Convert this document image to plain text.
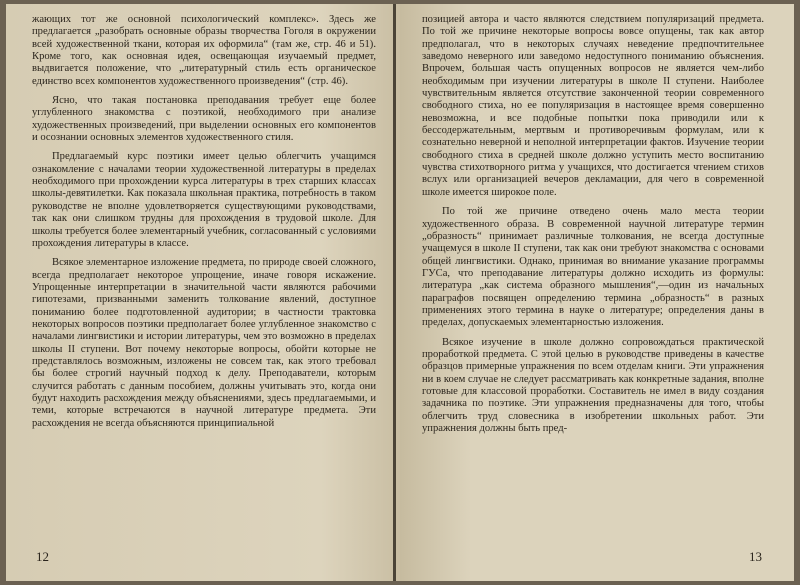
жающих тот же основной психологический комплекс». Здесь же предлагается „разобрать основные образы творчества Гоголя в окружении всей художественной ткани, которая их оформила“ (там же, стр. 46 и 51). Кроме того, как основная идея, освещающая изучаемый предмет, выдвигается положение, что „литературный стиль есть органическое единство всех компонентов художественного произведения“ (стр. 46).

Ясно, что такая постановка преподавания требует еще более углубленного знакомства с поэтикой, необходимого при анализе художественных произведений, при выделении основных его компонентов и осознании основных элементов художественного стиля.

Предлагаемый курс поэтики имеет целью облегчить учащимся ознакомление с началами теории художественной литературы в пределах необходимого при прохождении курса литературы в трех старших классах школы-девятилетки. Как показала школьная практика, потребность в таком руководстве не вполне удовлетворяется существующими руководствами, так как они слишком трудны для прохождения в трудовой школе. Для школы требуется более элементарный учебник, согласованный с условиями прохождения литературы в классе.

Всякое элементарное изложение предмета, по природе своей сложного, всегда предполагает некоторое упрощение, иначе говоря искажение. Упрощенные интерпретации в значительной части являются рабочими гипотезами, призванными заменить толкование явлений, доступное пониманию более подготовленной аудитории; в частности трактовка некоторых вопросов поэтики предполагает более углубленное знакомство с началами лингвистики и истории литературы, чем это возможно в пределах школы II ступени. Вот почему некоторые вопросы, обойти которые не представлялось возможным, изложены не совсем так, как этого требовал бы более строгий научный подход к делу. Преподаватели, которым случится работать с данным пособием, должны учитывать это, когда они будут находить расхождения между объяснениями, здесь предлагаемыми, и теми, которые встречаются в научной литературе предмета. Эти расхождения не всегда объясняются принципиальной

12

позицией автора и часто являются следствием популяризаций предмета. По той же причине некоторые вопросы вовсе опущены, так как автор предполагал, что в некоторых случаях неведение предпочтительнее заведомо неверного или заведомо недоступного пониманию объяснения. Впрочем, большая часть опущенных вопросов не является чем-либо необходимым при изучении литературы в школе II ступени. Наиболее чувствительным является отсутствие законченной теории современного свободного стиха, но ее популяризация в настоящее время совершенно невозможна, и все подобные попытки пока приводили или к бессодержательным, мертвым и противоречивым формулам, или к сознательно неверной и неполной интерпретации фактов. Изучение теории свободного стиха в средней школе должно уступить место воспитанию чувства стихотворного ритма у учащихся, что достигается чтением стихов вслух или организацией вечеров декламации, для чего в современной школе имеется широкое поле.

По той же причине отведено очень мало места теории художественного образа. В современной научной литературе термин „образность“ принимает различные толкования, не всегда доступные учащемуся в школе II ступени, так как они требуют знакомства с основами общей лингвистики. Однако, принимая во внимание указание программы ГУСа, что преподавание литературы должно исходить из формулы: литература „как система образного мышления“,—один из начальных параграфов посвящен определению термина „образность“ в разных применениях этого термина в науке о литературе; определения даны в пределах, допускаемых элементарностью изложения.

Всякое изучение в школе должно сопровождаться практической проработкой предмета. С этой целью в руководстве приведены в качестве образцов примерные упражнения по всем отделам книги. Эти упражнения ни в коем случае не следует рассматривать как конкретные задания, вполне готовые для классовой проработки. Составитель не имел в виду создания задачника по поэтике. Эти упражнения предназначены для того, чтобы облегчить труд словесника в изобретении школьных работ. Эти упражнения должны быть пред-

13
